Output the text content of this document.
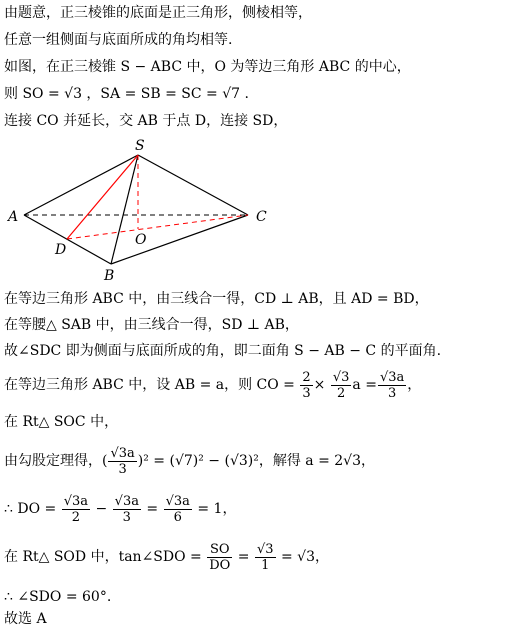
由题意，正三棱锥的底面是正三角形，侧棱相等，
任意一组侧面与底面所成的角均相等.
如图，在正三棱锥 S − ABC 中，O 为等边三角形 ABC 的中心，
则 SO = √3 ，SA = SB = SC = √7 .
连接 CO 并延长，交 AB 于点 D，连接 SD，
S
A	C
B
D
O
在等边三角形 ABC 中，由三线合一得，CD ⊥ AB，且 AD = BD，
在等腰△ SAB 中，由三线合一得，SD ⊥ AB，
故∠SDC 即为侧面与底面所成的角，即二面角 S − AB − C 的平面角.
在等边三角形 ABC 中，设 AB = a，则 CO = $\frac{2}{3} \times \frac{√3}{2}$ $a = \frac{√3a}{3}$ ，
在 Rt△ SOC 中，
由勾股定理得，( $\frac{√3a}{3} )^2 = (√7)^2 - (√3)^2$，解得 a = 2√3，
∴ DO = $\frac{√3a}{2} - \frac{√3a}{3} = \frac{√3a}{6} = 1$，
在 Rt△ SOD 中，tan∠SDO = $\frac{SO}{DO} = \frac{√3}{1} = √3$，
∴ ∠SDO = 60°.
故选 A
